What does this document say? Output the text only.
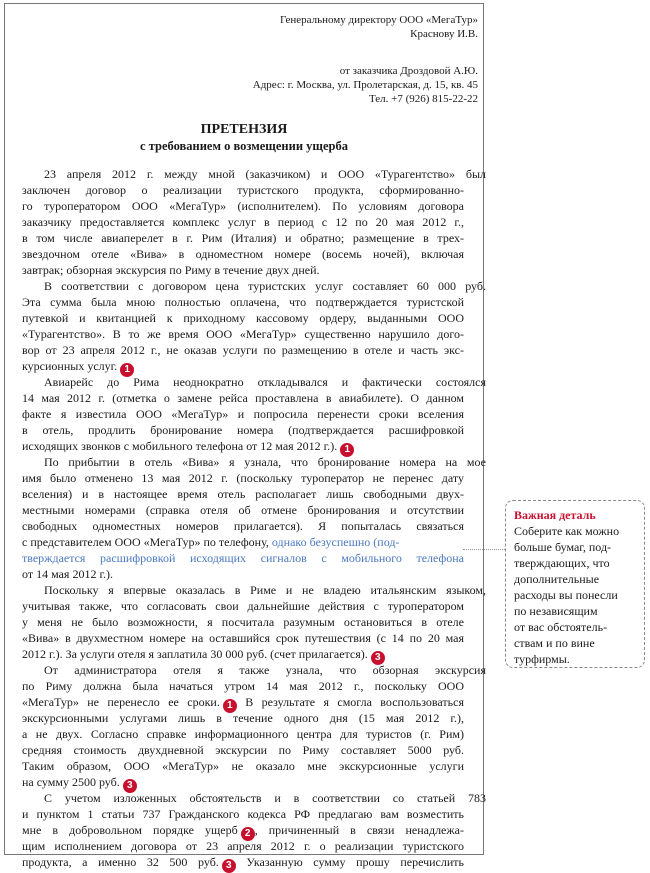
Генеральному директору ООО «МегаТур»
Краснову И.В.
от заказчика Дроздовой А.Ю.
Адрес: г. Москва, ул. Пролетарская, д. 15, кв. 45
Тел. +7 (926) 815-22-22
ПРЕТЕНЗИЯ
с требованием о возмещении ущерба
23 апреля 2012 г. между мной (заказчиком) и ООО «Турагентство» был
заключен договор о реализации туристского продукта, сформированно-
го туроператором ООО «МегаТур» (исполнителем). По условиям договора
заказчику предоставляется комплекс услуг в период с 12 по 20 мая 2012 г.,
в том числе авиаперелет в г. Рим (Италия) и обратно; размещение в трех-
звездочном отеле «Вива» в одноместном номере (восемь ночей), включая
завтрак; обзорная экскурсия по Риму в течение двух дней.
В соответствии с договором цена туристских услуг составляет 60 000 руб.
Эта сумма была мною полностью оплачена, что подтверждается туристской
путевкой и квитанцией к приходному кассовому ордеру, выданными ООО
«Турагентство». В то же время ООО «МегаТур» существенно нарушило дого-
вор от 23 апреля 2012 г., не оказав услуги по размещению в отеле и часть экс-
курсионных услуг. 1
Авиарейс до Рима неоднократно откладывался и фактически состоялся
14 мая 2012 г. (отметка о замене рейса проставлена в авиабилете). О данном
факте я известила ООО «МегаТур» и попросила перенести сроки вселения
в отель, продлить бронирование номера (подтверждается расшифровкой
исходящих звонков с мобильного телефона от 12 мая 2012 г.). 1
По прибытии в отель «Вива» я узнала, что бронирование номера на мое
имя было отменено 13 мая 2012 г. (поскольку туроператор не перенес дату
вселения) и в настоящее время отель располагает лишь свободными двух-
местными номерами (справка отеля об отмене бронирования и отсутствии
свободных одноместных номеров прилагается). Я попыталась связаться
с представителем ООО «МегаТур» по телефону, однако безуспешно (под-
тверждается расшифровкой исходящих сигналов с мобильного телефона
от 14 мая 2012 г.).
Поскольку я впервые оказалась в Риме и не владею итальянским языком,
учитывая также, что согласовать свои дальнейшие действия с туроператором
у меня не было возможности, я посчитала разумным остановиться в отеле
«Вива» в двухместном номере на оставшийся срок путешествия (с 14 по 20 мая
2012 г.). За услуги отеля я заплатила 30 000 руб. (счет прилагается). 3
От администратора отеля я также узнала, что обзорная экскурсия
по Риму должна была начаться утром 14 мая 2012 г., поскольку ООО
«МегаТур» не перенесло ее сроки. 1 В результате я смогла воспользоваться
экскурсионными услугами лишь в течение одного дня (15 мая 2012 г.),
а не двух. Согласно справке информационного центра для туристов (г. Рим)
средняя стоимость двухдневной экскурсии по Риму составляет 5000 руб.
Таким образом, ООО «МегаТур» не оказало мне экскурсионные услуги
на сумму 2500 руб. 3
С учетом изложенных обстоятельств и в соответствии со статьей 783
и пунктом 1 статьи 737 Гражданского кодекса РФ предлагаю вам возместить
мне в добровольном порядке ущерб 2 , причиненный в связи ненадлежа-
щим исполнением договора от 23 апреля 2012 г. о реализации туристского
продукта, а именно 32 500 руб. 3 Указанную сумму прошу перечислить
Важная деталь
Соберите как можно
больше бумаг, под-
тверждающих, что
дополнительные
расходы вы понесли
по независящим
от вас обстоятель-
ствам и по вине
турфирмы.
